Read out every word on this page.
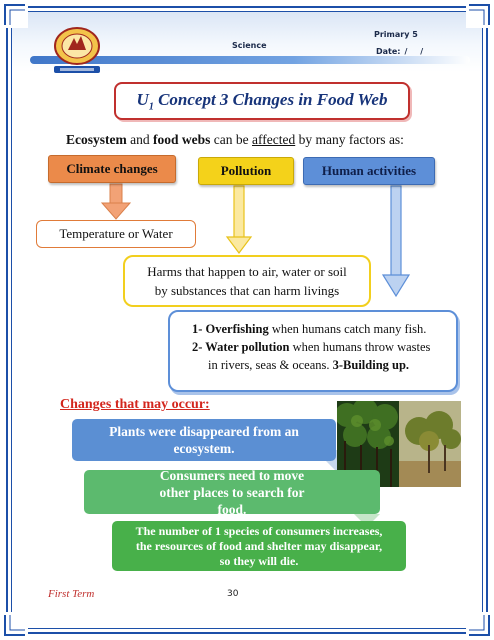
Science
Primary 5
Date: / /
$U_1$ Concept 3 Changes in Food Web
Ecosystem and food webs can be affected by many factors as:
Climate changes	Pollution	Human activities
Temperature or Water
Harms that happen to air, water or soil
by substances that can harm livings
1- Overfishing when humans catch many fish.
2- Water pollution when humans throw wastes
in rivers, seas & oceans. 3-Building up.
Changes that may occur:
Plants were disappeared from an ecosystem.
Consumers need to move other places to search for food.
The number of 1 species of consumers increases, the resources of food and shelter may disappear, so they will die.
First Term	30
